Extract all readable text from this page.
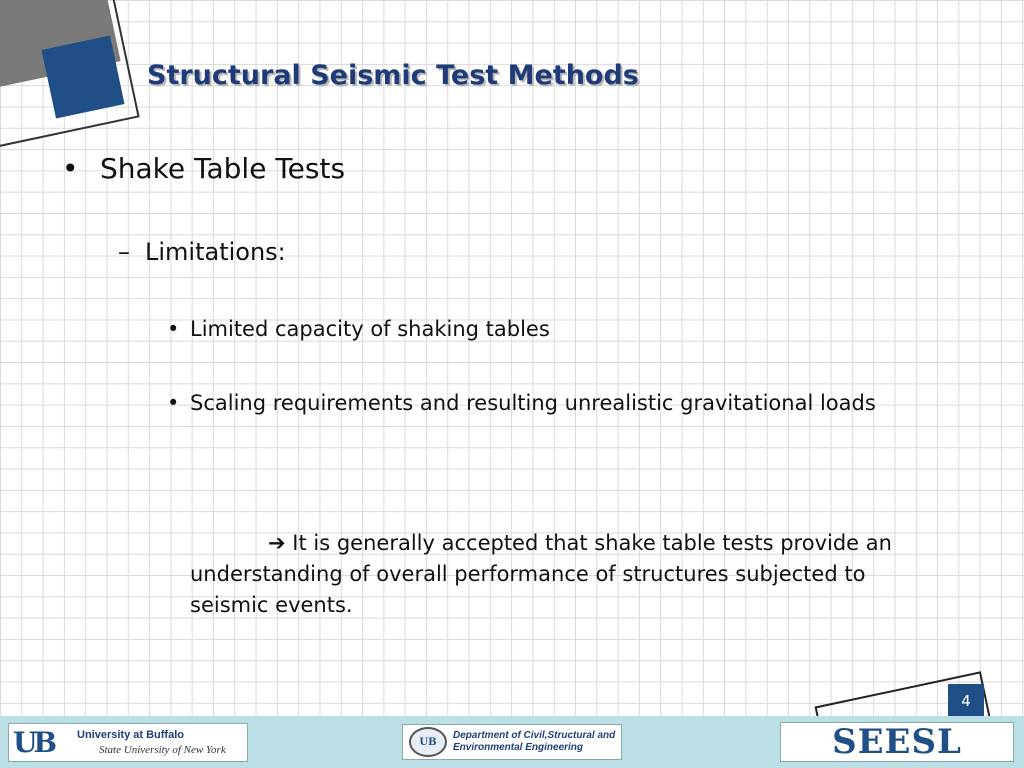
Structural Seismic Test Methods
• Shake Table Tests
– Limitations:
• Limited capacity of shaking tables
• Scaling requirements and resulting unrealistic gravitational loads
➔ It is generally accepted that shake table tests provide an understanding of overall performance of structures subjected to seismic events.
4
UB	University at Buffalo
State University of New York
UB
Department of Civil,Structural and Environmental Engineering	SEESL
